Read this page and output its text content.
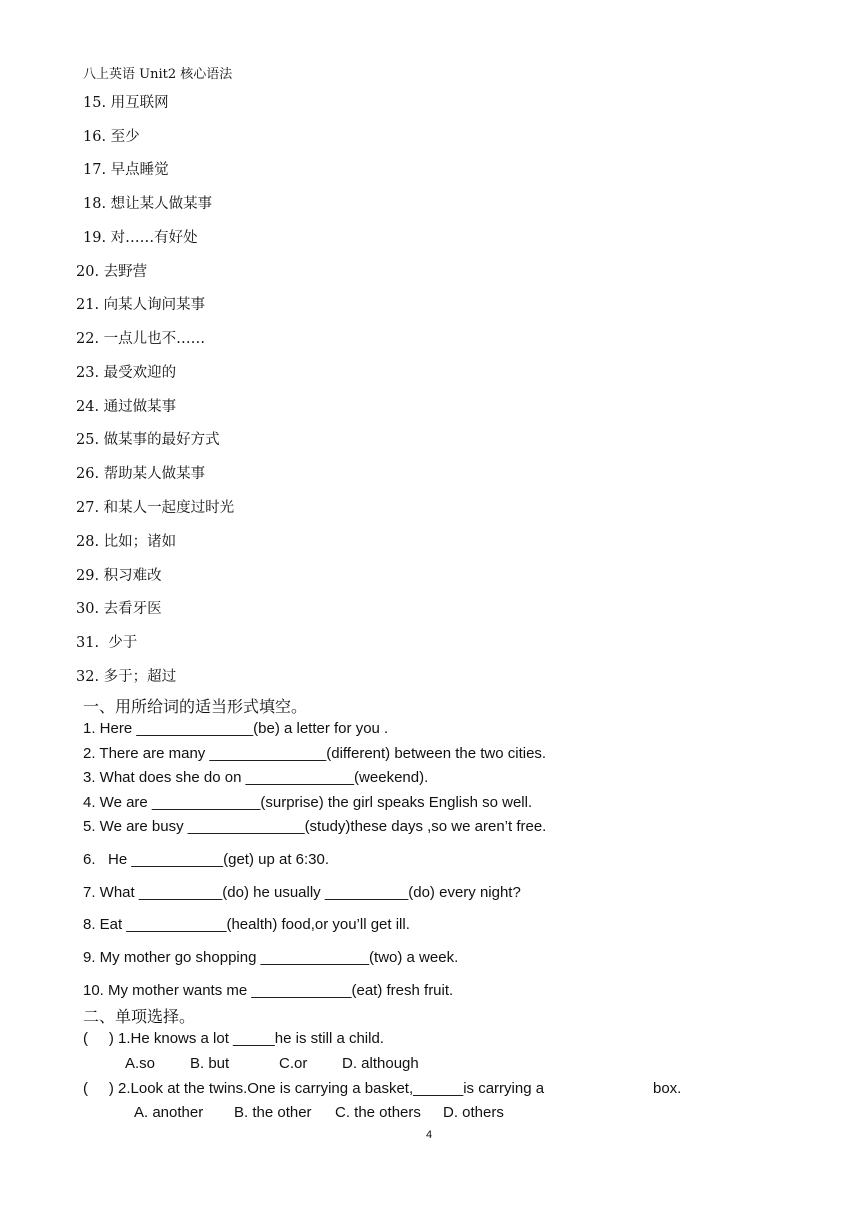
八上英语 Unit2 核心语法
15. 用互联网
16. 至少
17. 早点睡觉
18. 想让某人做某事
19. 对……有好处
20. 去野营
21. 向某人询问某事
22. 一点儿也不……
23. 最受欢迎的
24. 通过做某事
25. 做某事的最好方式
26. 帮助某人做某事
27. 和某人一起度过时光
28. 比如；诸如
29. 积习难改
30. 去看牙医
31.  少于
32. 多于；超过
一、用所给词的适当形式填空。
1. Here ______________(be) a letter for you .
2. There are many ______________(different) between the two cities.
3. What does she do on _____________(weekend).
4. We are _____________(surprise) the girl speaks English so well.
5. We are busy ______________(study)these days ,so we aren’t free.
6.   He ___________(get) up at 6:30.
7. What __________(do) he usually __________(do) every night?
8. Eat ____________(health) food,or you’ll get ill.
9. My mother go shopping _____________(two) a week.
10. My mother wants me ____________(eat) fresh fruit.
二、单项选择。
(     ) 1.He knows a lot _____he is still a child.
A.so B. but	C.or D. although
(     ) 2.Look at the twins.One is carrying a basket,______is carrying a	box.
A. another B. the other C. the others D. others
4
